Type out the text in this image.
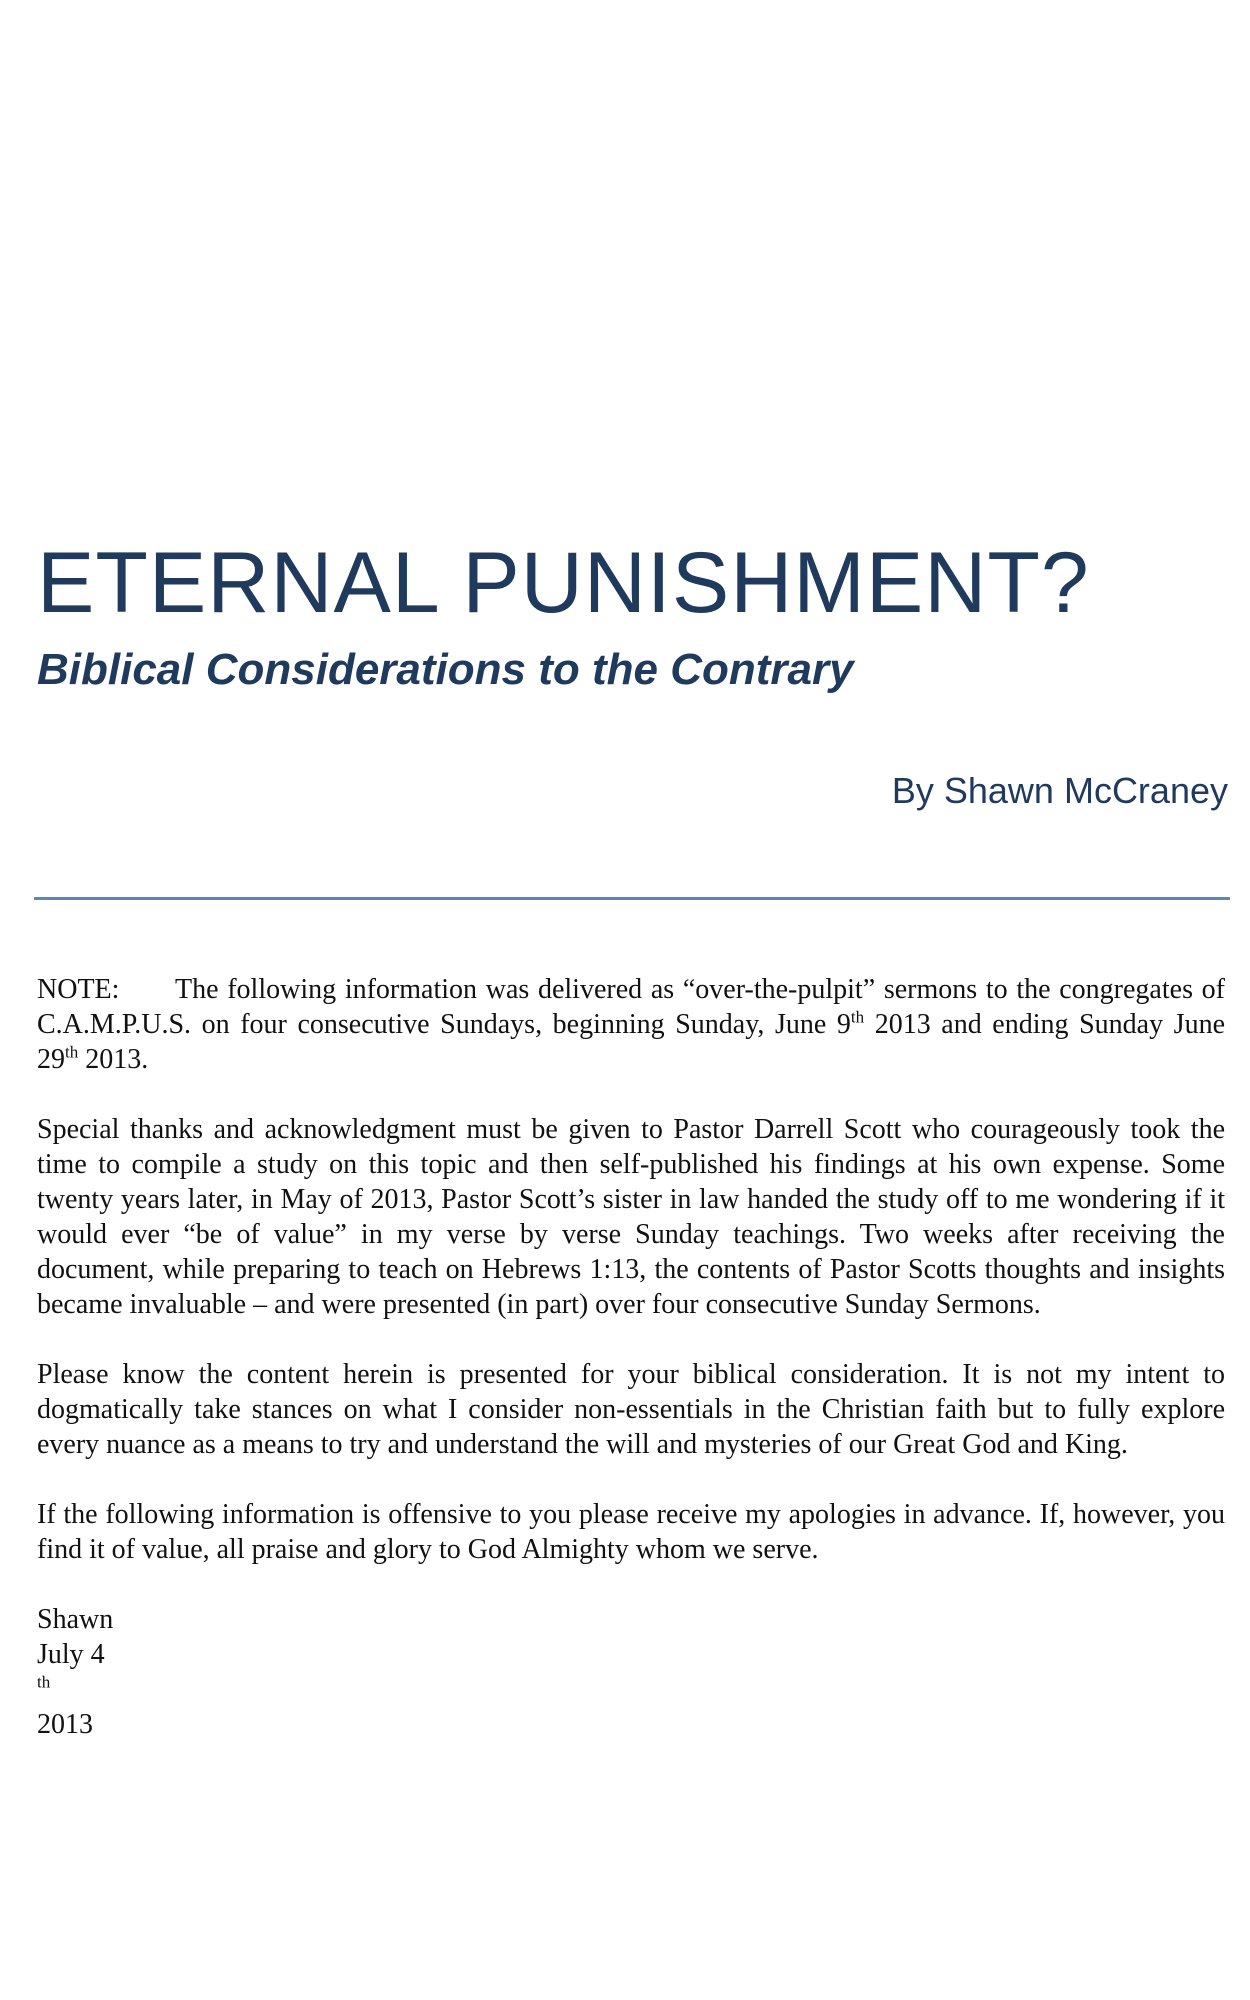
ETERNAL PUNISHMENT?
Biblical Considerations to the Contrary

By Shawn McCraney

NOTE: The following information was delivered as “over-the-pulpit” sermons to the congregates of C.A.M.P.U.S. on four consecutive Sundays, beginning Sunday, June 9th 2013 and ending Sunday June 29th 2013.

Special thanks and acknowledgment must be given to Pastor Darrell Scott who courageously took the time to compile a study on this topic and then self-published his findings at his own expense. Some twenty years later, in May of 2013, Pastor Scott’s sister in law handed the study off to me wondering if it would ever “be of value” in my verse by verse Sunday teachings. Two weeks after receiving the document, while preparing to teach on Hebrews 1:13, the contents of Pastor Scotts thoughts and insights became invaluable – and were presented (in part) over four consecutive Sunday Sermons.

Please know the content herein is presented for your biblical consideration. It is not my intent to dogmatically take stances on what I consider non-essentials in the Christian faith but to fully explore every nuance as a means to try and understand the will and mysteries of our Great God and King.

If the following information is offensive to you please receive my apologies in advance. If, however, you find it of value, all praise and glory to God Almighty whom we serve.

Shawn
July 4
$^{th}$
2013
